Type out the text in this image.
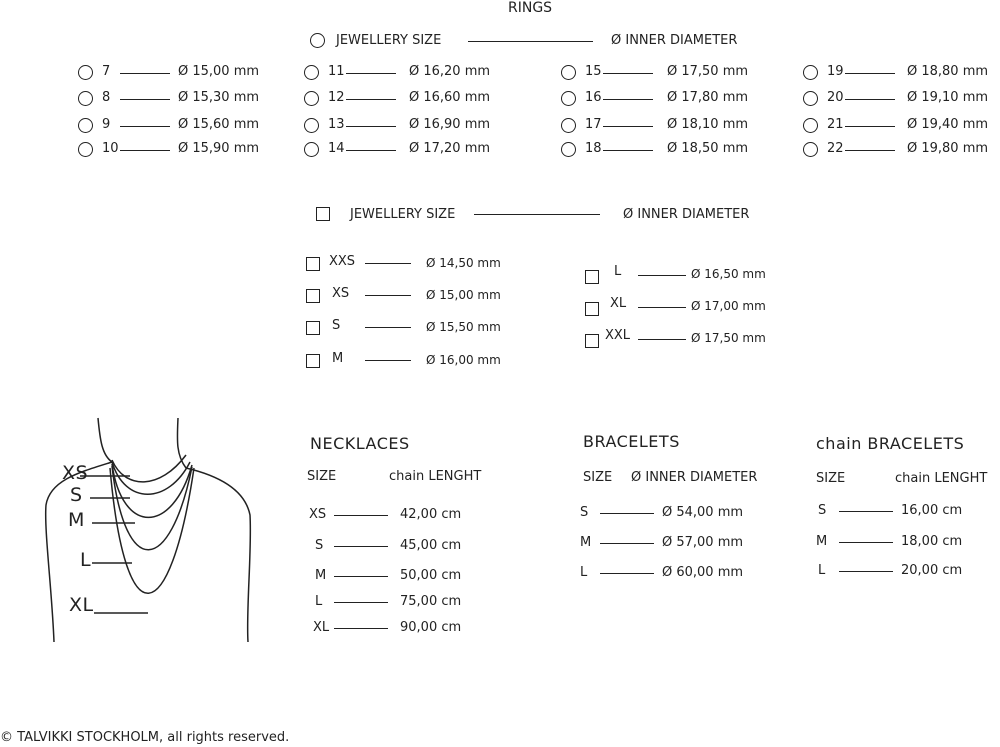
RINGS
JEWELLERY SIZE	Ø INNER DIAMETER
7	Ø 15,00 mm
8	Ø 15,30 mm
9	Ø 15,60 mm
10	Ø 15,90 mm
11	Ø 16,20 mm
12	Ø 16,60 mm
13	Ø 16,90 mm
14	Ø 17,20 mm
15	Ø 17,50 mm
16	Ø 17,80 mm
17	Ø 18,10 mm
18	Ø 18,50 mm
19	Ø 18,80 mm
20	Ø 19,10 mm
21	Ø 19,40 mm
22	Ø 19,80 mm
JEWELLERY SIZE	Ø INNER DIAMETER
XXS	Ø 14,50 mm
XS	Ø 15,00 mm
S	Ø 15,50 mm
M	Ø 16,00 mm
L	Ø 16,50 mm
XL	Ø 17,00 mm
XXL	Ø 17,50 mm
XS
S
M
L
XL
NECKLACES
SIZE	chain LENGHT
XS	42,00 cm
S	45,00 cm
M	50,00 cm
L	75,00 cm
XL	90,00 cm
BRACELETS
SIZE Ø INNER DIAMETER
S	Ø 54,00 mm
M	Ø 57,00 mm
L	Ø 60,00 mm
chain BRACELETS
SIZE	chain LENGHT
S	16,00 cm
M	18,00 cm
L	20,00 cm
© TALVIKKI STOCKHOLM, all rights reserved.
